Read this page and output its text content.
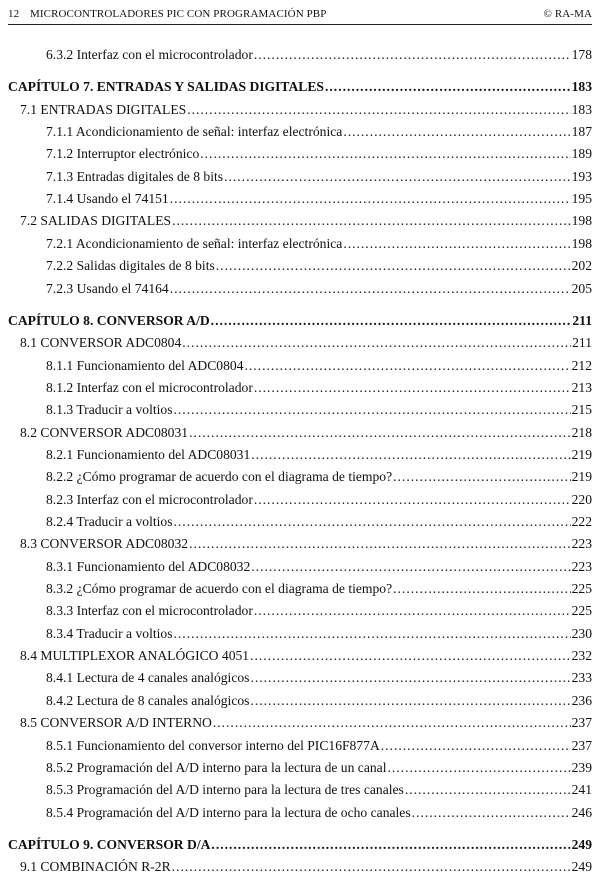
12 MICROCONTROLADORES PIC CON PROGRAMACIÓN PBP	© RA-MA
6.3.2 Interfaz con el microcontrolador . . .	178
CAPÍTULO 7. ENTRADAS Y SALIDAS DIGITALES . . .	183
7.1 ENTRADAS DIGITALES . . .	183
7.1.1 Acondicionamiento de señal: interfaz electrónica . . .	187
7.1.2 Interruptor electrónico . . .	189
7.1.3 Entradas digitales de 8 bits . . .	193
7.1.4 Usando el 74151 . . .	195
7.2 SALIDAS DIGITALES . . .	198
7.2.1 Acondicionamiento de señal: interfaz electrónica . . .	198
7.2.2 Salidas digitales de 8 bits . . .	202
7.2.3 Usando el 74164 . . .	205
CAPÍTULO 8. CONVERSOR A/D . . .	211
8.1 CONVERSOR ADC0804 . . .	211
8.1.1 Funcionamiento del ADC0804 . . .	212
8.1.2 Interfaz con el microcontrolador . . .	213
8.1.3 Traducir a voltios . . .	215
8.2 CONVERSOR ADC08031 . . .	218
8.2.1 Funcionamiento del ADC08031 . . .	219
8.2.2 ¿Cómo programar de acuerdo con el diagrama de tiempo? . . .	219
8.2.3 Interfaz con el microcontrolador . . .	220
8.2.4 Traducir a voltios . . .	222
8.3 CONVERSOR ADC08032 . . .	223
8.3.1 Funcionamiento del ADC08032 . . .	223
8.3.2 ¿Cómo programar de acuerdo con el diagrama de tiempo? . . .	225
8.3.3 Interfaz con el microcontrolador . . .	225
8.3.4 Traducir a voltios . . .	230
8.4 MULTIPLEXOR ANALÓGICO 4051 . . .	232
8.4.1 Lectura de 4 canales analógicos . . .	233
8.4.2 Lectura de 8 canales analógicos . . .	236
8.5 CONVERSOR A/D INTERNO . . .	237
8.5.1 Funcionamiento del conversor interno del PIC16F877A . . .	237
8.5.2 Programación del A/D interno para la lectura de un canal . . .	239
8.5.3 Programación del A/D interno para la lectura de tres canales . . .	241
8.5.4 Programación del A/D interno para la lectura de ocho canales . . .	246
CAPÍTULO 9. CONVERSOR D/A . . .	249
9.1 COMBINACIÓN R-2R . . .	249
